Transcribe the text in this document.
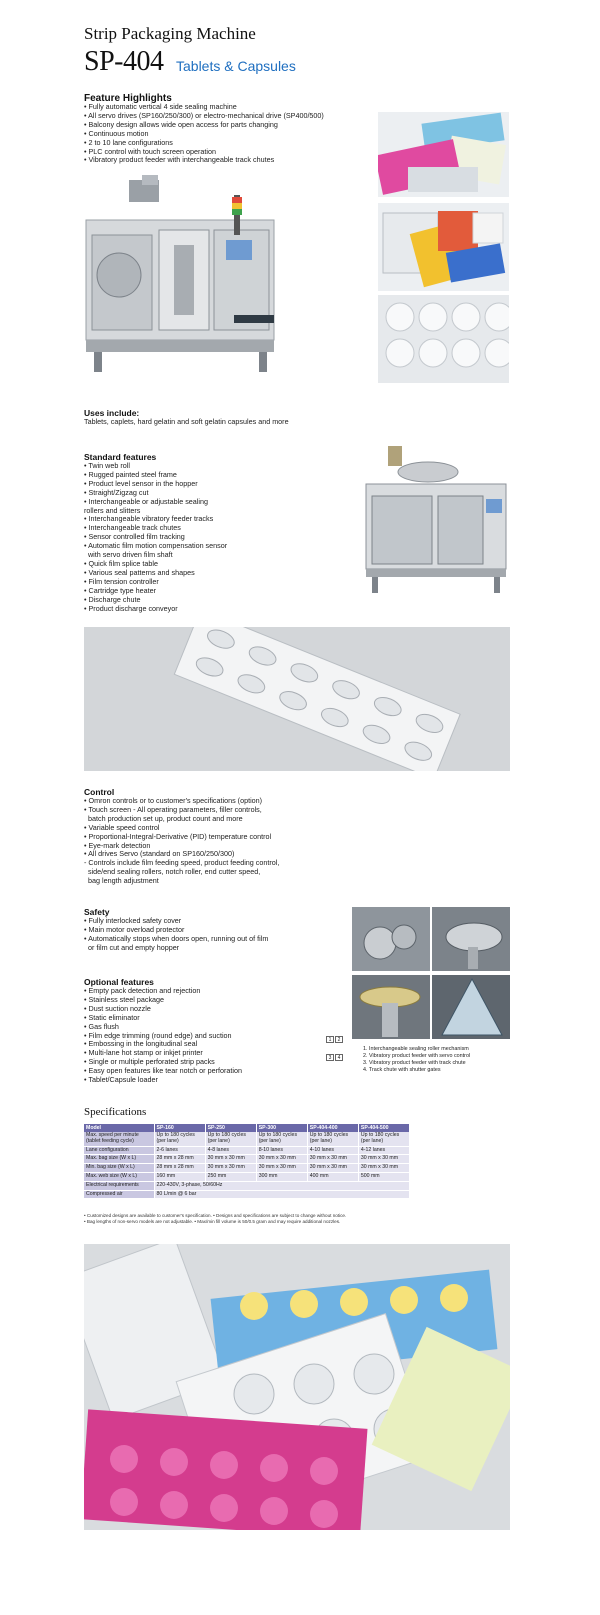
Strip Packaging Machine
SP-404 Tablets & Capsules
Feature Highlights
• Fully automatic vertical 4 side sealing machine
• All servo drives (SP160/250/300) or electro-mechanical drive (SP400/500)
• Balcony design allows wide open access for parts changing
• Continuous motion
• 2 to 10 lane configurations
• PLC control with touch screen operation
• Vibratory product feeder with interchangeable track chutes
Uses include:
Tablets, caplets, hard gelatin and soft gelatin capsules and more
Standard features
• Twin web roll
• Rugged painted steel frame
• Product level sensor in the hopper
• Straight/Zigzag cut
• Interchangeable or adjustable sealing
rollers and slitters
• Interchangeable vibratory feeder tracks
• Interchangeable track chutes
• Sensor controlled film tracking
• Automatic film motion compensation sensor
with servo driven film shaft
• Quick film splice table
• Various seal patterns and shapes
• Film tension controller
• Cartridge type heater
• Discharge chute
• Product discharge conveyor
Control
• Omron controls or to customer's specifications (option)
• Touch screen - All operating parameters, filler controls,
batch production set up, product count and more
• Variable speed control
• Proportional-Integral-Derivative (PID) temperature control
• Eye-mark detection
• All drives Servo (standard on SP160/250/300)
- Controls include film feeding speed, product feeding control,
side/end sealing rollers, notch roller, end cutter speed,
bag length adjustment
Safety
• Fully interlocked safety cover
• Main motor overload protector
• Automatically stops when doors open, running out of film
or film cut and empty hopper
Optional features
• Empty pack detection and rejection
• Stainless steel package
• Dust suction nozzle
• Static eliminator
• Gas flush
• Film edge trimming (round edge) and suction
• Embossing in the longitudinal seal
• Multi-lane hot stamp or inkjet printer
• Single or multiple perforated strip packs
• Easy open features like tear notch or perforation
• Tablet/Capsule loader
1 2
3 4
1. Interchangeable sealing roller mechanism
2. Vibratory product feeder with servo control
3. Vibratory product feeder with track chute
4. Track chute with shutter gates
Specifications
Model	SP-160	SP-250	SP-300	SP-404-400	SP-404-500
Max. speed per minute (tablet feeding cycle)	Up to 180 cycles (per lane)	Up to 180 cycles (per lane)	Up to 180 cycles (per lane)	Up to 180 cycles (per lane)	Up to 180 cycles (per lane)
Lane configuration	2-6 lanes	4-8 lanes	8-10 lanes	4-10 lanes	4-12 lanes
Max. bag size (W x L)	28 mm x 28 mm	30 mm x 30 mm	30 mm x 30 mm	30 mm x 30 mm	30 mm x 30 mm
Min. bag size (W x L)	28 mm x 28 mm	30 mm x 30 mm	30 mm x 30 mm	30 mm x 30 mm	30 mm x 30 mm
Max. web size (W x L)	160 mm	250 mm	300 mm	400 mm	500 mm
Electrical requirements	220-430V, 3-phase, 50/60Hz				
Compressed air	80 L/min @ 6 bar				
• Customized designs are available to customer's specification. • Designs and specifications are subject to change without notice.
• Bag lengths of non-servo models are not adjustable. • Max/min fill volume is 50/0.5 gram and may require additional nozzles.
